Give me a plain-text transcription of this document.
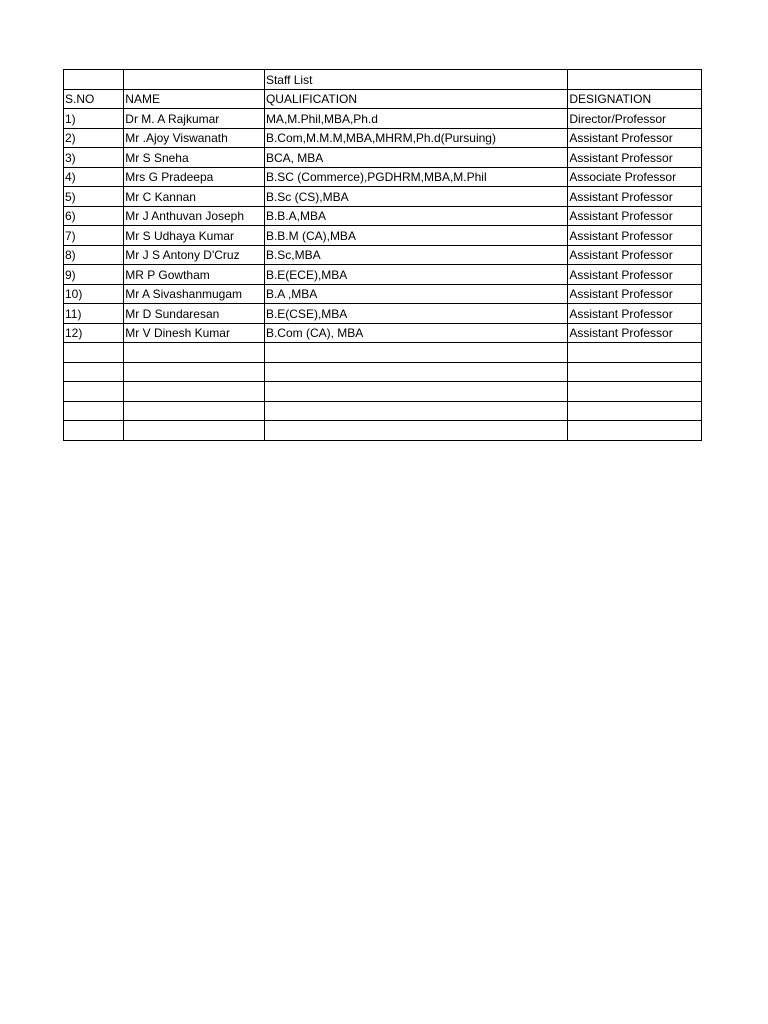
		Staff List	
S.NO	NAME	QUALIFICATION	DESIGNATION
1)	Dr M. A Rajkumar	MA,M.Phil,MBA,Ph.d	Director/Professor
2)	Mr .Ajoy Viswanath	B.Com,M.M.M,MBA,MHRM,Ph.d(Pursuing)	Assistant Professor
3)	Mr S Sneha	BCA, MBA	Assistant Professor
4)	Mrs G Pradeepa	B.SC (Commerce),PGDHRM,MBA,M.Phil	Associate Professor
5)	Mr C Kannan	B.Sc (CS),MBA	Assistant Professor
6)	Mr J Anthuvan Joseph	B.B.A,MBA	Assistant Professor
7)	Mr S Udhaya Kumar	B.B.M (CA),MBA	Assistant Professor
8)	Mr J S Antony D'Cruz	B.Sc,MBA	Assistant Professor
9)	MR P Gowtham	B.E(ECE),MBA	Assistant Professor
10)	Mr A Sivashanmugam	B.A ,MBA	Assistant Professor
11)	Mr D Sundaresan	B.E(CSE),MBA	Assistant Professor
12)	Mr V Dinesh Kumar	B.Com (CA), MBA	Assistant Professor
